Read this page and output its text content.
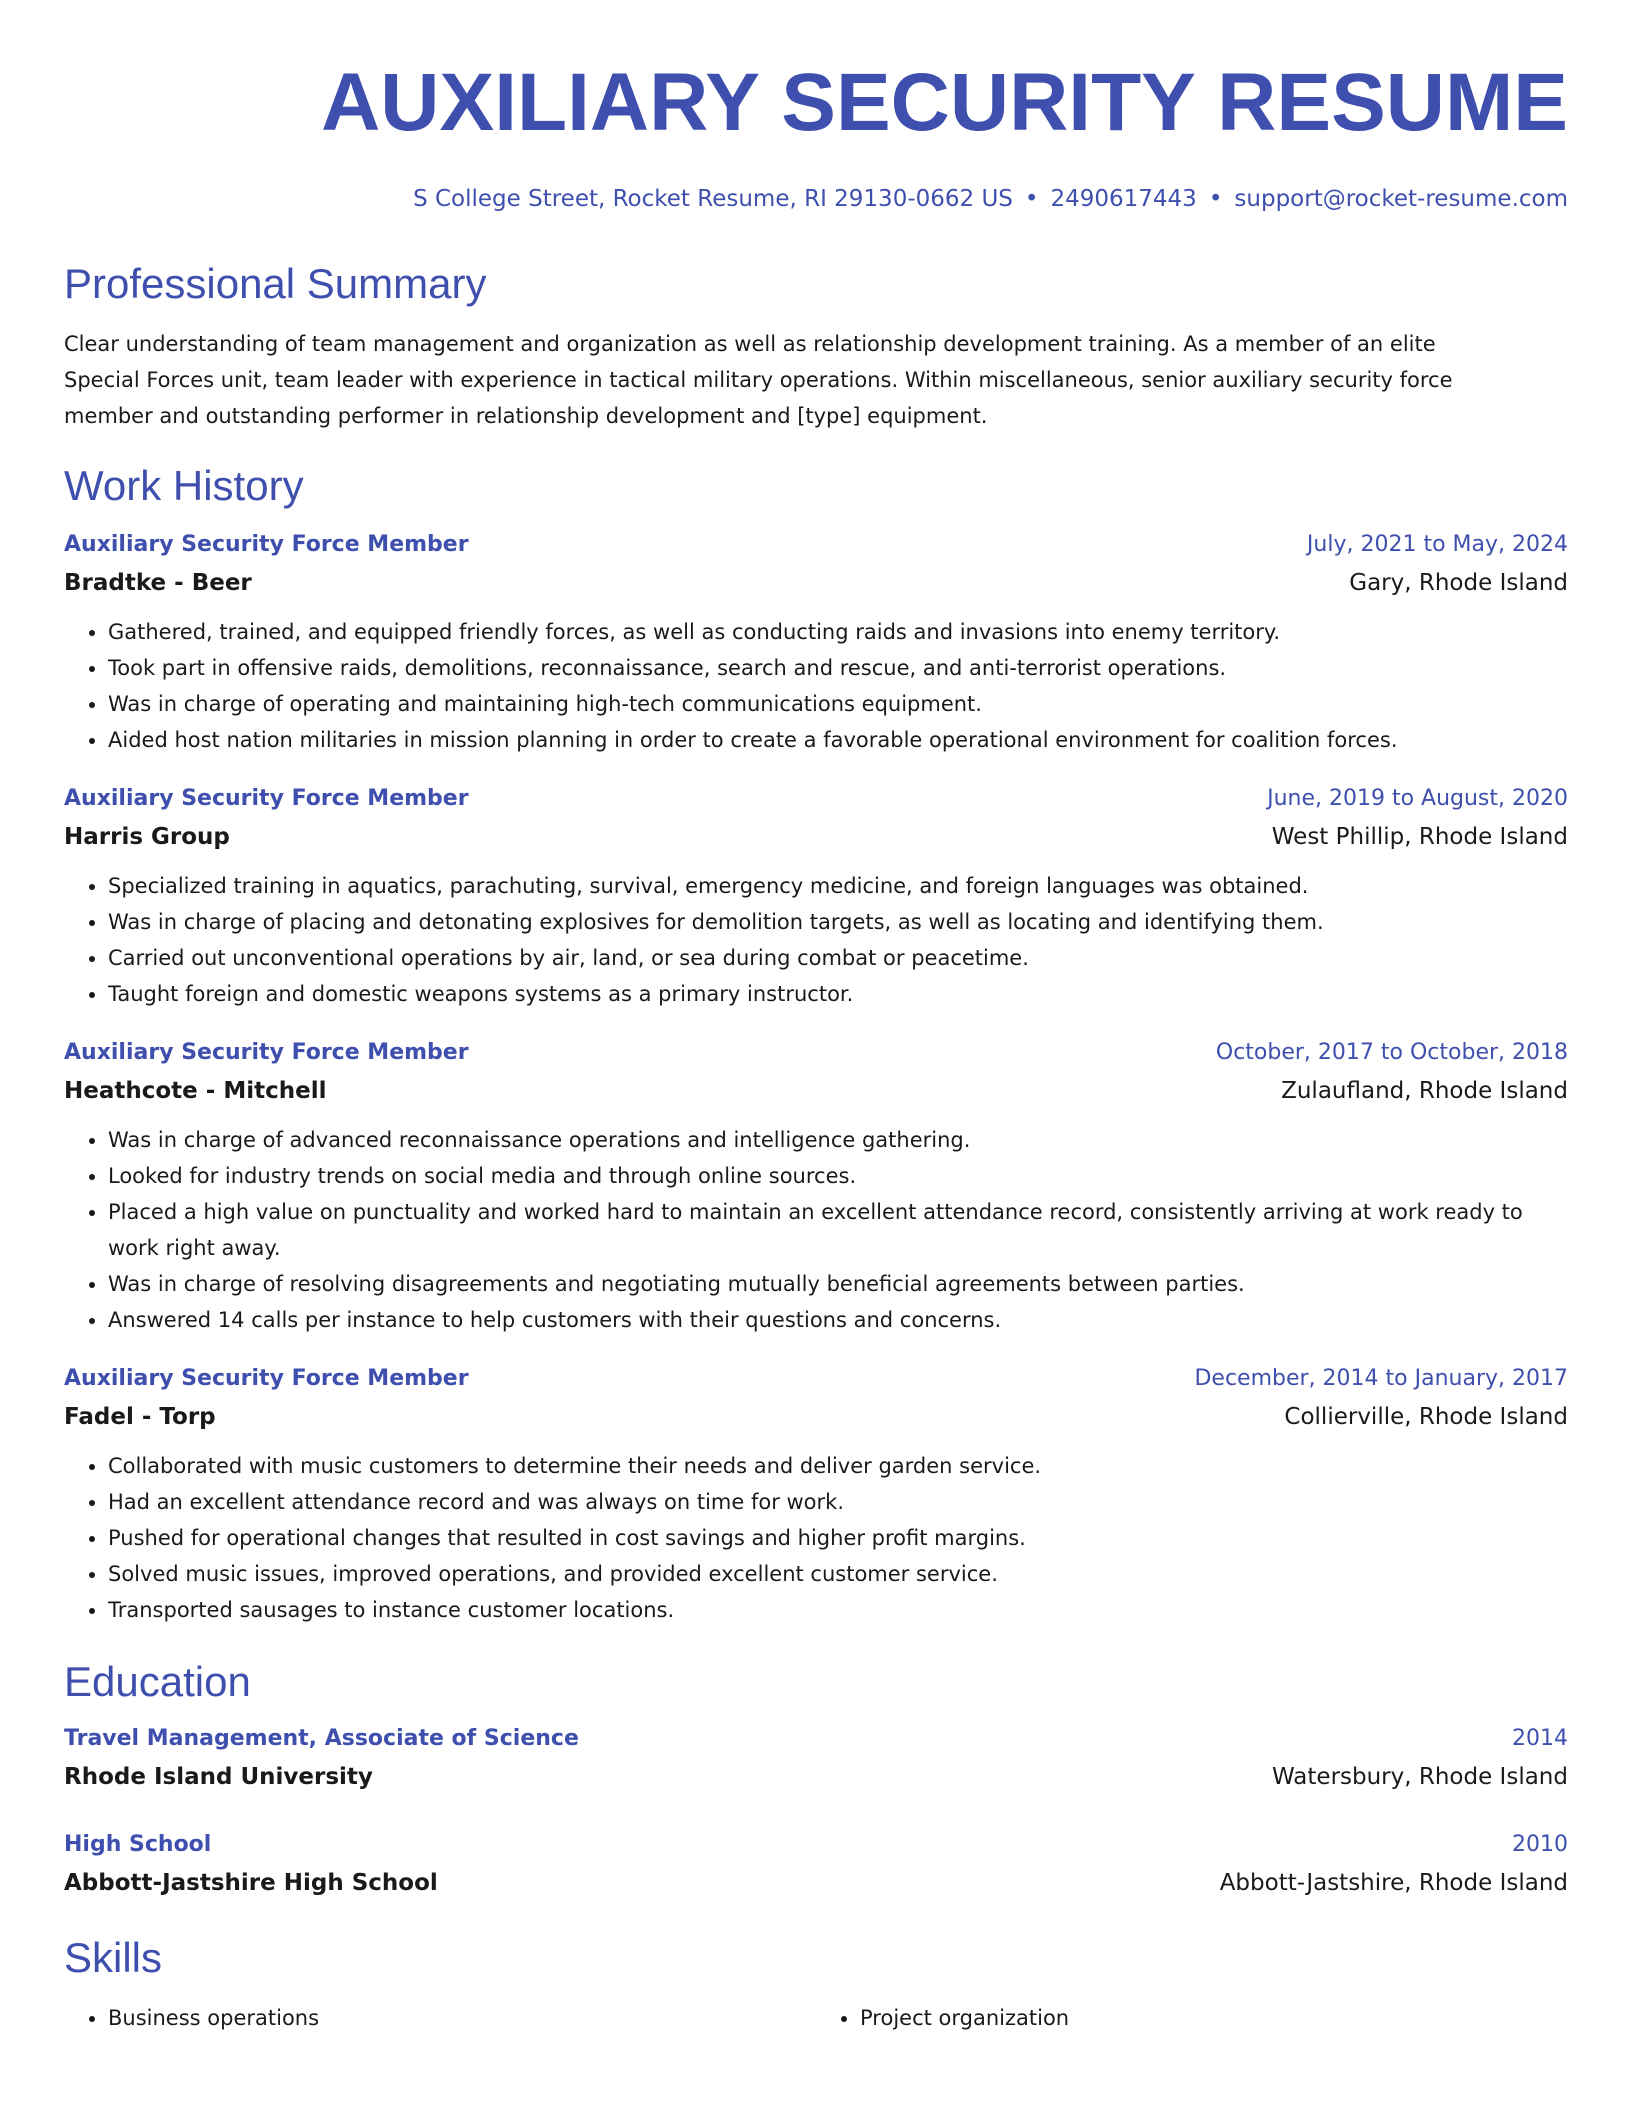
AUXILIARY SECURITY RESUME
S College Street, Rocket Resume, RI 29130-0662 US • 2490617443 • support@rocket-resume.com
Professional Summary

Clear understanding of team management and organization as well as relationship development training. As a member of an elite Special Forces unit, team leader with experience in tactical military operations. Within miscellaneous, senior auxiliary security force member and outstanding performer in relationship development and [type] equipment.

Work History
Auxiliary Security Force Member	July, 2021 to May, 2024
Bradtke - Beer	Gary, Rhode Island
• Gathered, trained, and equipped friendly forces, as well as conducting raids and invasions into enemy territory.
• Took part in offensive raids, demolitions, reconnaissance, search and rescue, and anti-terrorist operations.
• Was in charge of operating and maintaining high-tech communications equipment.
• Aided host nation militaries in mission planning in order to create a favorable operational environment for coalition forces.
Auxiliary Security Force Member	June, 2019 to August, 2020
Harris Group	West Phillip, Rhode Island
• Specialized training in aquatics, parachuting, survival, emergency medicine, and foreign languages was obtained.
• Was in charge of placing and detonating explosives for demolition targets, as well as locating and identifying them.
• Carried out unconventional operations by air, land, or sea during combat or peacetime.
• Taught foreign and domestic weapons systems as a primary instructor.
Auxiliary Security Force Member	October, 2017 to October, 2018
Heathcote - Mitchell	Zulaufland, Rhode Island
• Was in charge of advanced reconnaissance operations and intelligence gathering.
• Looked for industry trends on social media and through online sources.
• Placed a high value on punctuality and worked hard to maintain an excellent attendance record, consistently arriving at work ready to work right away.
• Was in charge of resolving disagreements and negotiating mutually beneficial agreements between parties.
• Answered 14 calls per instance to help customers with their questions and concerns.
Auxiliary Security Force Member	December, 2014 to January, 2017
Fadel - Torp	Collierville, Rhode Island
• Collaborated with music customers to determine their needs and deliver garden service.
• Had an excellent attendance record and was always on time for work.
• Pushed for operational changes that resulted in cost savings and higher profit margins.
• Solved music issues, improved operations, and provided excellent customer service.
• Transported sausages to instance customer locations.
Education
Travel Management, Associate of Science	2014
Rhode Island University	Watersbury, Rhode Island
High School	2010
Abbott-Jastshire High School	Abbott-Jastshire, Rhode Island
Skills
• Business operations
•	Project organization
